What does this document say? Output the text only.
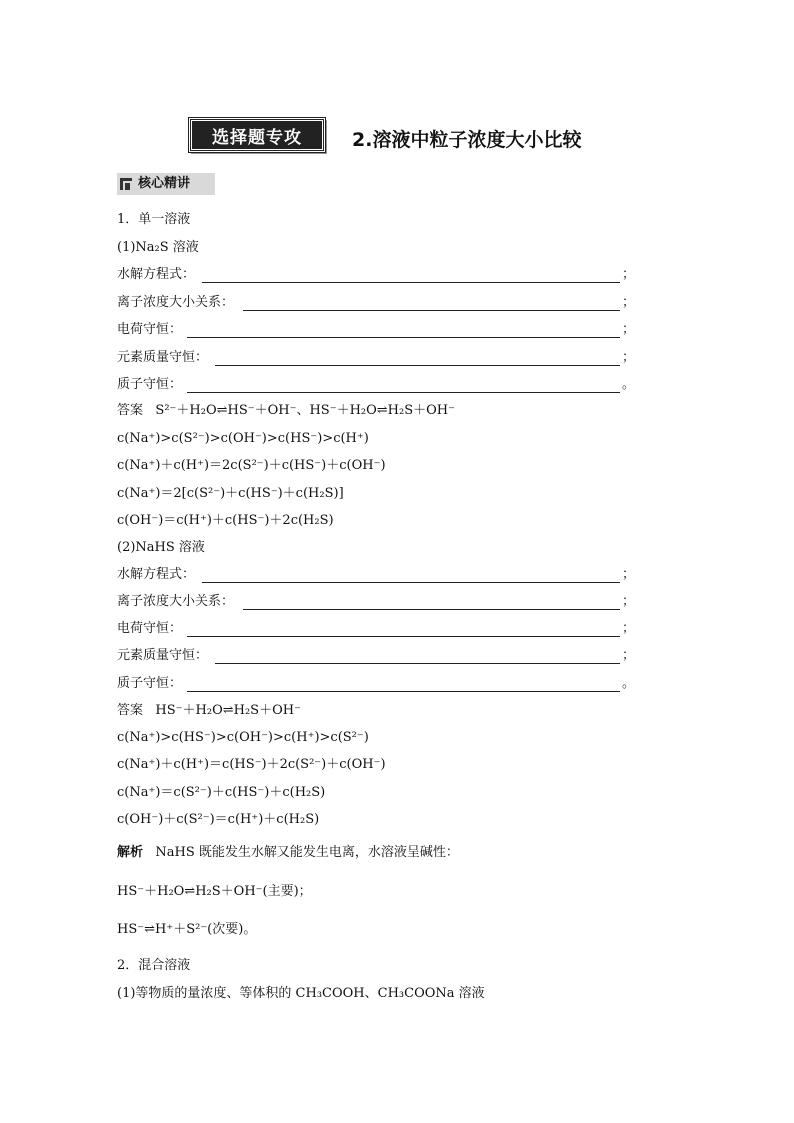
选择题专攻	2.溶液中粒子浓度大小比较
核心精讲
1．单一溶液
(1)Na₂S 溶液
水解方程式：	；
离子浓度大小关系：	；
电荷守恒：	；
元素质量守恒：	；
质子守恒：	。
答案 S²⁻＋H₂O⇌HS⁻＋OH⁻、HS⁻＋H₂O⇌H₂S＋OH⁻
c(Na⁺)>c(S²⁻)>c(OH⁻)>c(HS⁻)>c(H⁺)
c(Na⁺)＋c(H⁺)＝2c(S²⁻)＋c(HS⁻)＋c(OH⁻)
c(Na⁺)＝2[c(S²⁻)＋c(HS⁻)＋c(H₂S)]
c(OH⁻)＝c(H⁺)＋c(HS⁻)＋2c(H₂S)
(2)NaHS 溶液
水解方程式：	；
离子浓度大小关系：	；
电荷守恒：	；
元素质量守恒：	；
质子守恒：	。
答案 HS⁻＋H₂O⇌H₂S＋OH⁻
c(Na⁺)>c(HS⁻)>c(OH⁻)>c(H⁺)>c(S²⁻)
c(Na⁺)＋c(H⁺)＝c(HS⁻)＋2c(S²⁻)＋c(OH⁻)
c(Na⁺)＝c(S²⁻)＋c(HS⁻)＋c(H₂S)
c(OH⁻)＋c(S²⁻)＝c(H⁺)＋c(H₂S)
解析 NaHS 既能发生水解又能发生电离，水溶液呈碱性：
HS⁻＋H₂O⇌H₂S＋OH⁻(主要)；
HS⁻⇌H⁺＋S²⁻(次要)。
2．混合溶液
(1)等物质的量浓度、等体积的 CH₃COOH、CH₃COONa 溶液
